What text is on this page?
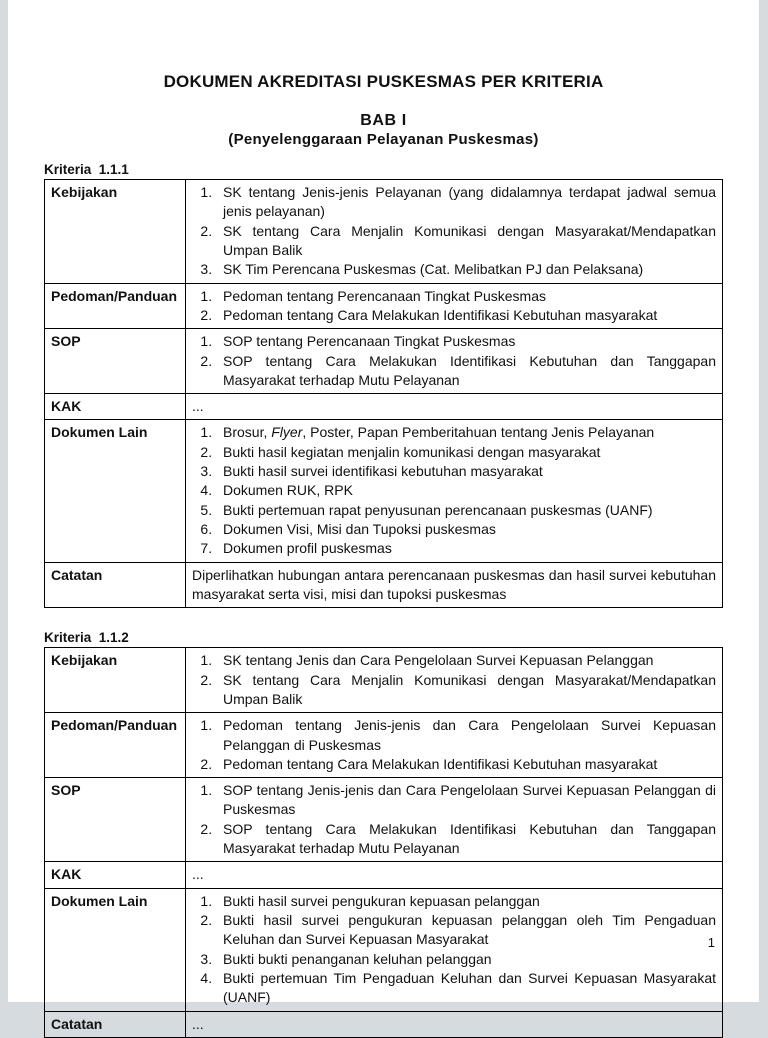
DOKUMEN AKREDITASI PUSKESMAS PER KRITERIA
BAB I
(Penyelenggaraan Pelayanan Puskesmas)
Kriteria  1.1.1
Kebijakan	
1.SK tentang Jenis-jenis Pelayanan (yang didalamnya terdapat jadwal semua jenis pelayanan)
2. SK tentang Cara Menjalin Komunikasi dengan Masyarakat/Mendapatkan Umpan Balik
3. SK Tim Perencana Puskesmas (Cat. Melibatkan PJ dan Pelaksana)

Pedoman/Panduan	
1.Pedoman tentang Perencanaan Tingkat Puskesmas
2. Pedoman tentang Cara Melakukan Identifikasi Kebutuhan masyarakat

SOP	
1.SOP tentang Perencanaan Tingkat Puskesmas
2. SOP tentang Cara Melakukan Identifikasi Kebutuhan dan Tanggapan Masyarakat terhadap Mutu Pelayanan

KAK	...

Dokumen Lain	
1.Brosur, Flyer, Poster, Papan Pemberitahuan tentang Jenis Pelayanan
2. Bukti hasil kegiatan menjalin komunikasi dengan masyarakat
3. Bukti hasil survei identifikasi kebutuhan masyarakat
4. Dokumen RUK, RPK
5. Bukti pertemuan rapat penyusunan perencanaan puskesmas (UANF)
6. Dokumen Visi, Misi dan Tupoksi puskesmas
7. Dokumen profil puskesmas

Catatan	Diperlihatkan hubungan antara perencanaan puskesmas dan hasil survei kebutuhan masyarakat serta visi, misi dan tupoksi puskesmas
Kriteria  1.1.2
Kebijakan	
1.SK tentang Jenis dan Cara Pengelolaan Survei Kepuasan Pelanggan
2. SK tentang Cara Menjalin Komunikasi dengan Masyarakat/Mendapatkan Umpan Balik

Pedoman/Panduan	
1.Pedoman tentang Jenis-jenis dan Cara Pengelolaan Survei Kepuasan Pelanggan di Puskesmas
2. Pedoman tentang Cara Melakukan Identifikasi Kebutuhan masyarakat

SOP	
1.SOP tentang Jenis-jenis dan Cara Pengelolaan Survei Kepuasan Pelanggan di Puskesmas
2. SOP tentang Cara Melakukan Identifikasi Kebutuhan dan Tanggapan Masyarakat terhadap Mutu Pelayanan

KAK	...

Dokumen Lain	
1.Bukti hasil survei pengukuran kepuasan pelanggan
2. Bukti hasil survei pengukuran kepuasan pelanggan oleh Tim Pengaduan Keluhan dan Survei Kepuasan Masyarakat
3. Bukti bukti penanganan keluhan pelanggan
4. Bukti pertemuan Tim Pengaduan Keluhan dan Survei Kepuasan Masyarakat (UANF)

Catatan	...
1
